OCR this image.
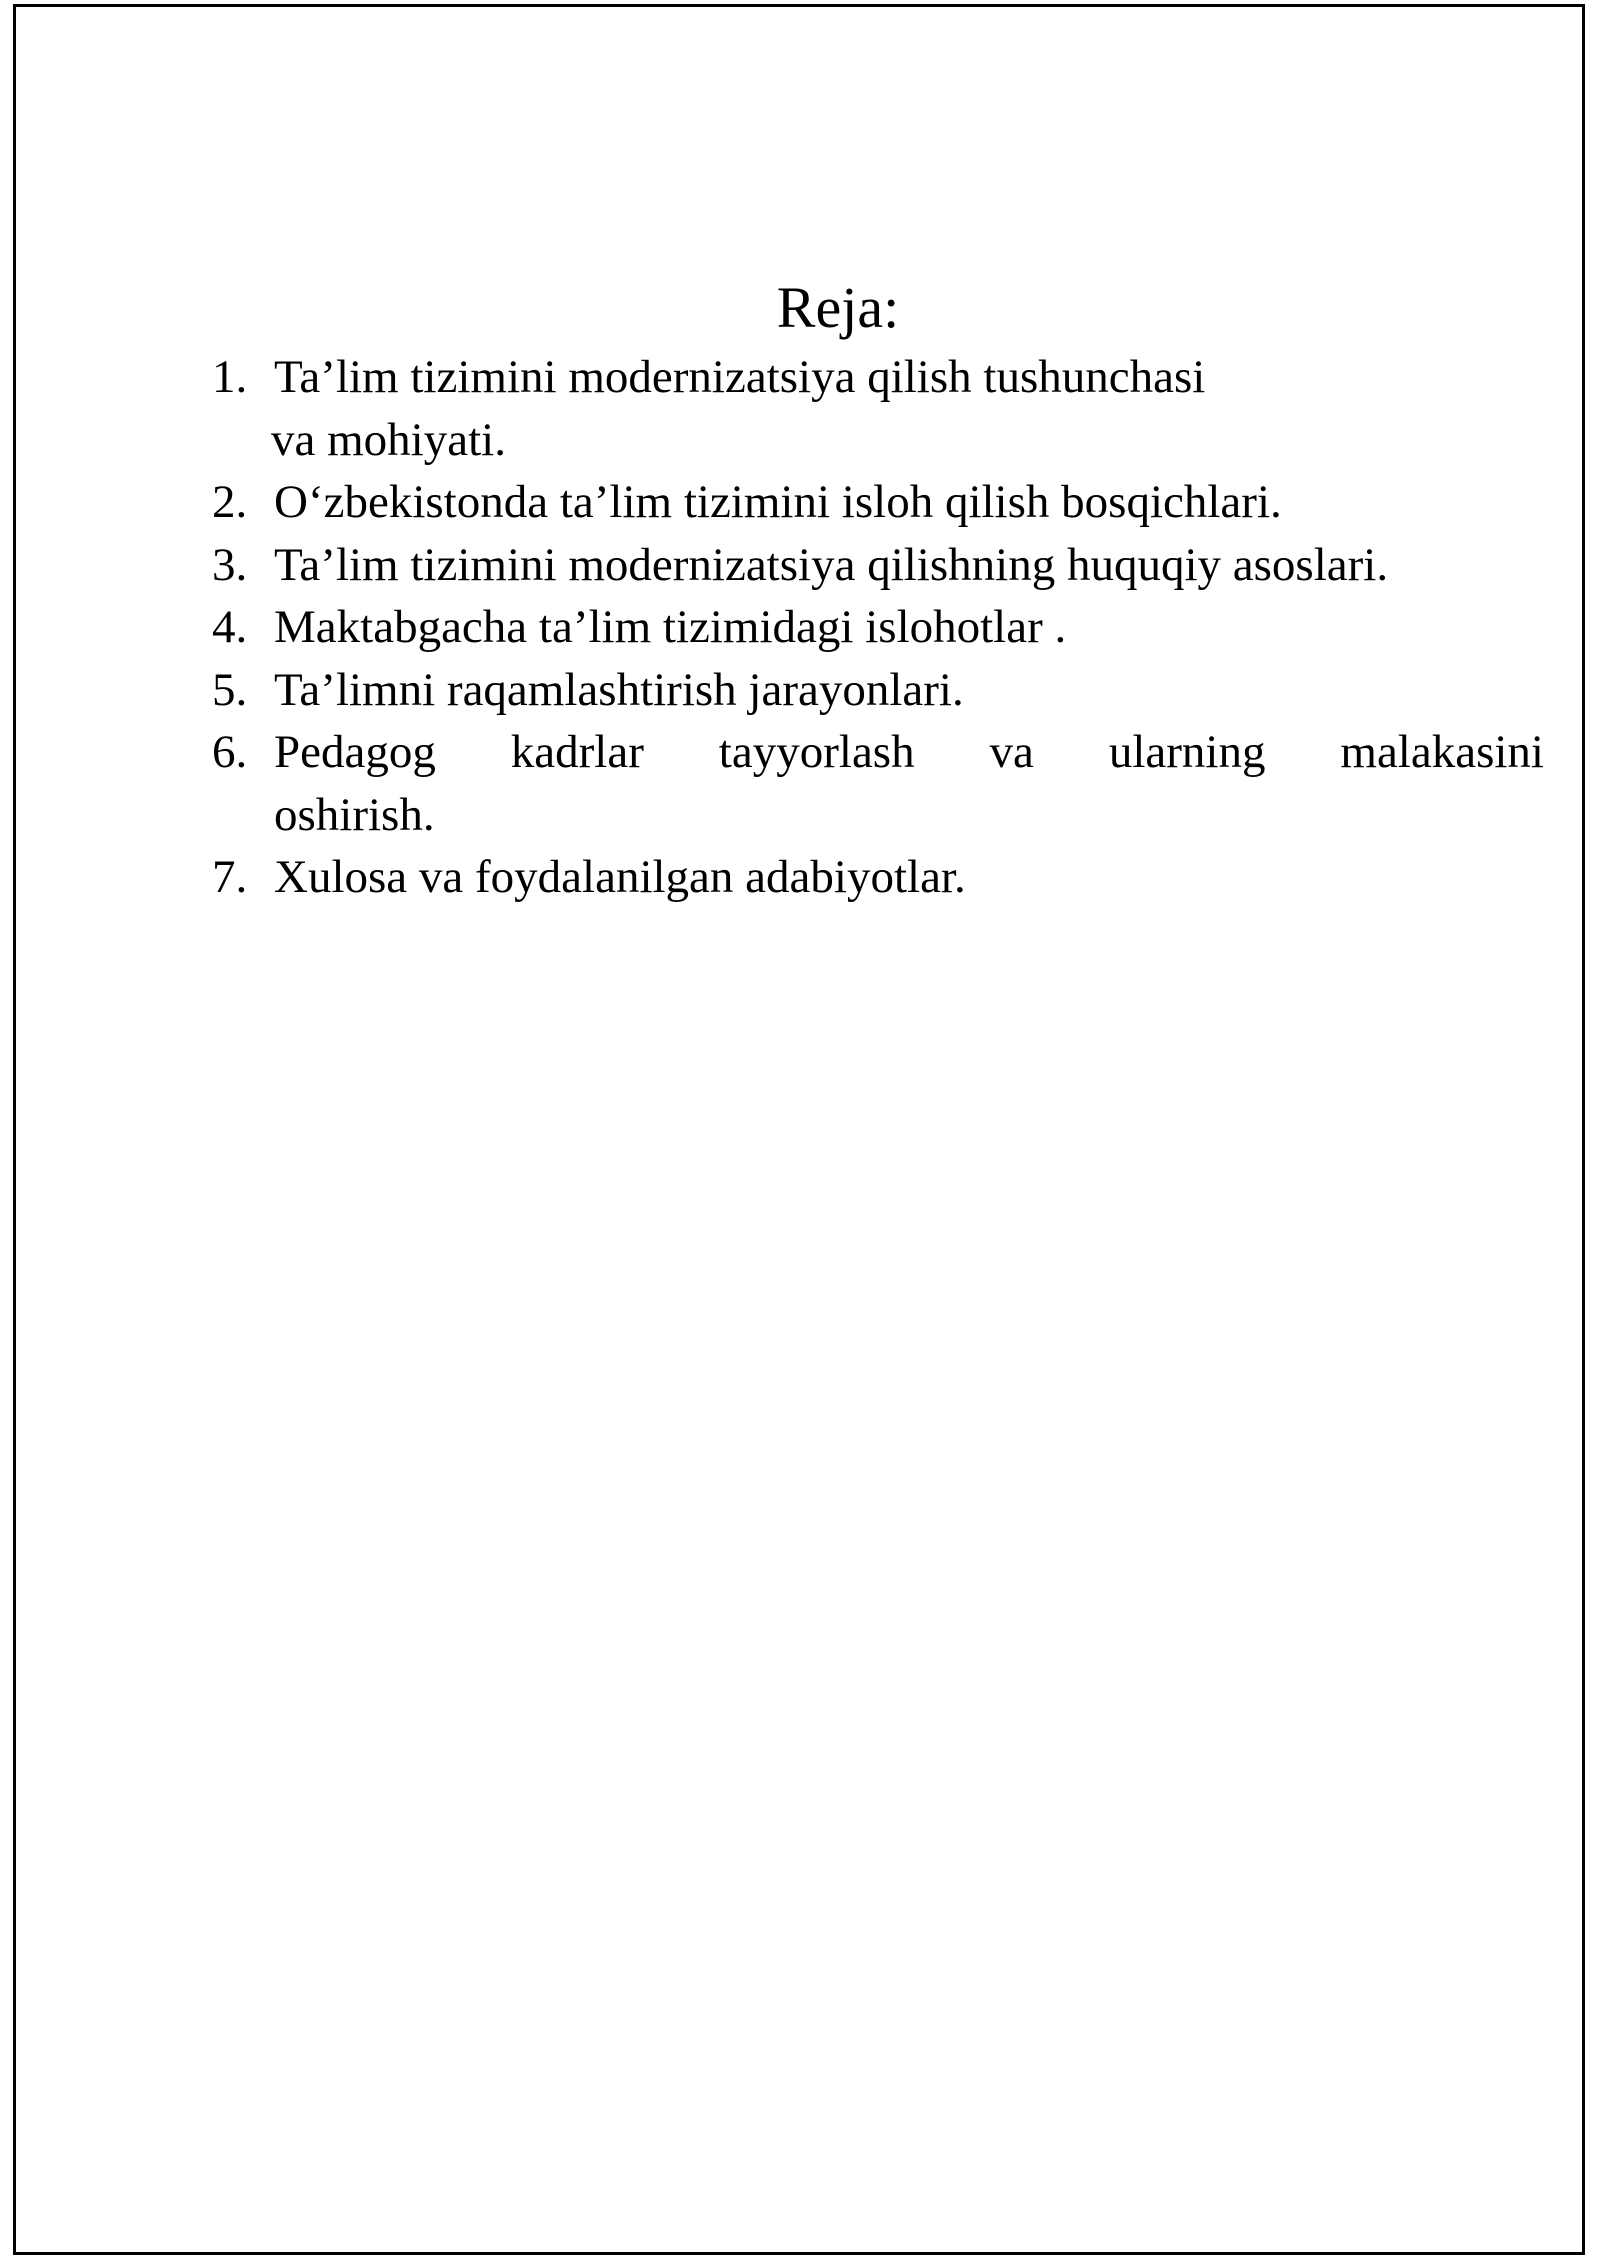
Reja:
1. Ta’lim tizimini modernizatsiya qilish tushunchasi
va mohiyati.
2. O‘zbekistonda ta’lim tizimini isloh qilish bosqichlari.
3. Ta’lim tizimini modernizatsiya qilishning huquqiy asoslari.
4. Maktabgacha ta’lim tizimidagi islohotlar .
5. Ta’limni raqamlashtirish jarayonlari.
6. Pedagog kadrlar tayyorlash va ularning malakasini
oshirish.
7. Xulosa va foydalanilgan adabiyotlar.
